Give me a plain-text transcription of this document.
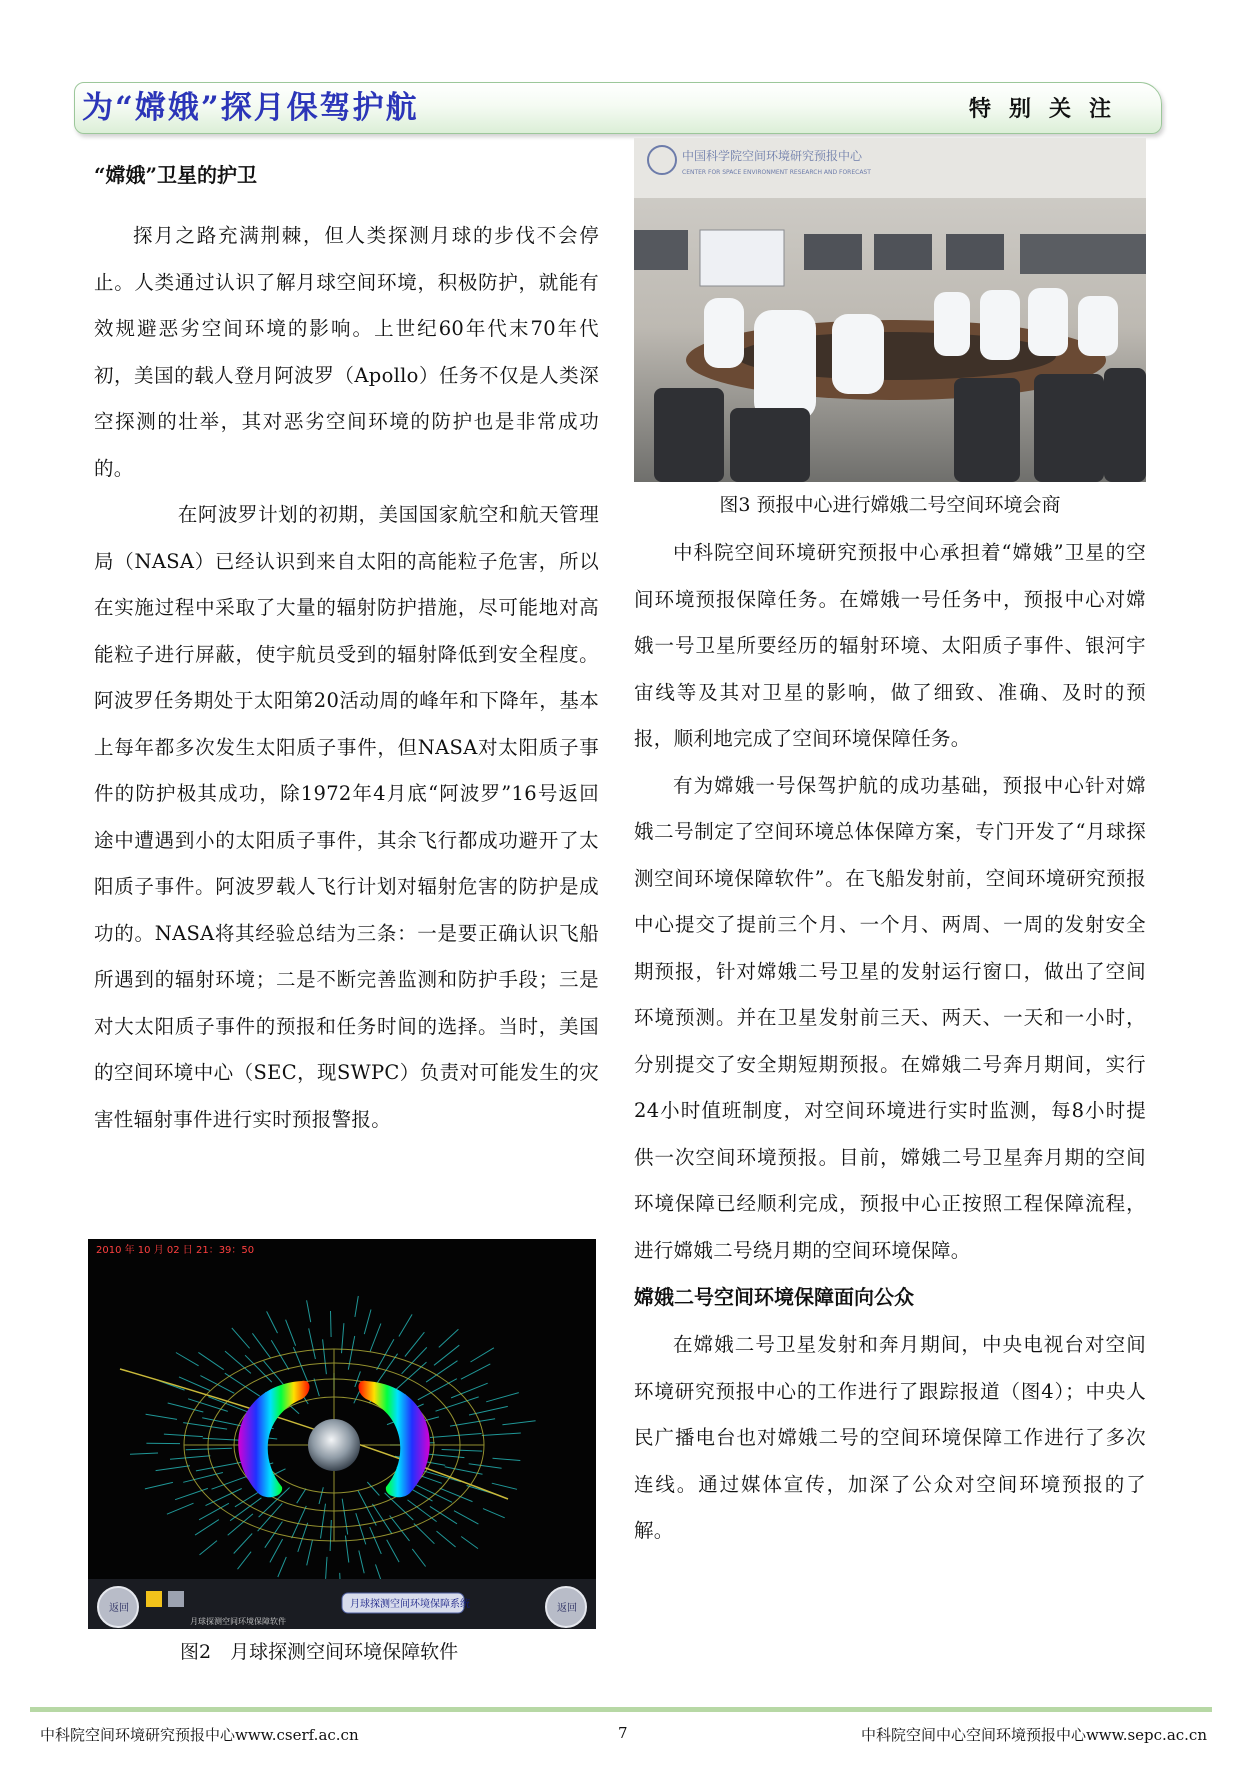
为“嫦娥”探月保驾护航	特别关注

“嫦娥”卫星的护卫

探月之路充满荆棘，但人类探测月球的步伐不会停止。人类通过认识了解月球空间环境，积极防护，就能有效规避恶劣空间环境的影响。上世纪60年代末70年代初，美国的载人登月阿波罗（Apollo）任务不仅是人类深空探测的壮举，其对恶劣空间环境的防护也是非常成功的。

在阿波罗计划的初期，美国国家航空和航天管理局（NASA）已经认识到来自太阳的高能粒子危害，所以在实施过程中采取了大量的辐射防护措施，尽可能地对高能粒子进行屏蔽，使宇航员受到的辐射降低到安全程度。阿波罗任务期处于太阳第20活动周的峰年和下降年，基本上每年都多次发生太阳质子事件，但NASA对太阳质子事件的防护极其成功，除1972年4月底“阿波罗”16号返回途中遭遇到小的太阳质子事件，其余飞行都成功避开了太阳质子事件。阿波罗载人飞行计划对辐射危害的防护是成功的。NASA将其经验总结为三条：一是要正确认识飞船所遇到的辐射环境；二是不断完善监测和防护手段；三是对大太阳质子事件的预报和任务时间的选择。当时，美国的空间环境中心（SEC，现SWPC）负责对可能发生的灾害性辐射事件进行实时预报警报。

2010 年 10 月 02 日 21：39：50
返回	返回
月球探测空间环境保障系统
月球探测空间环境保障软件
图2　月球探测空间环境保障软件
中国科学院空间环境研究预报中心
CENTER FOR SPACE ENVIRONMENT RESEARCH AND FORECAST
图3 预报中心进行嫦娥二号空间环境会商

中科院空间环境研究预报中心承担着“嫦娥”卫星的空间环境预报保障任务。在嫦娥一号任务中，预报中心对嫦娥一号卫星所要经历的辐射环境、太阳质子事件、银河宇宙线等及其对卫星的影响，做了细致、准确、及时的预报，顺利地完成了空间环境保障任务。

有为嫦娥一号保驾护航的成功基础，预报中心针对嫦娥二号制定了空间环境总体保障方案，专门开发了“月球探测空间环境保障软件”。在飞船发射前，空间环境研究预报中心提交了提前三个月、一个月、两周、一周的发射安全期预报，针对嫦娥二号卫星的发射运行窗口，做出了空间环境预测。并在卫星发射前三天、两天、一天和一小时，分别提交了安全期短期预报。在嫦娥二号奔月期间，实行24小时值班制度，对空间环境进行实时监测，每8小时提供一次空间环境预报。目前，嫦娥二号卫星奔月期的空间环境保障已经顺利完成，预报中心正按照工程保障流程，进行嫦娥二号绕月期的空间环境保障。

嫦娥二号空间环境保障面向公众

在嫦娥二号卫星发射和奔月期间，中央电视台对空间环境研究预报中心的工作进行了跟踪报道（图4）；中央人民广播电台也对嫦娥二号的空间环境保障工作进行了多次连线。通过媒体宣传，加深了公众对空间环境预报的了解。

中科院空间环境研究预报中心www.cserf.ac.cn	7	中科院空间中心空间环境预报中心www.sepc.ac.cn
